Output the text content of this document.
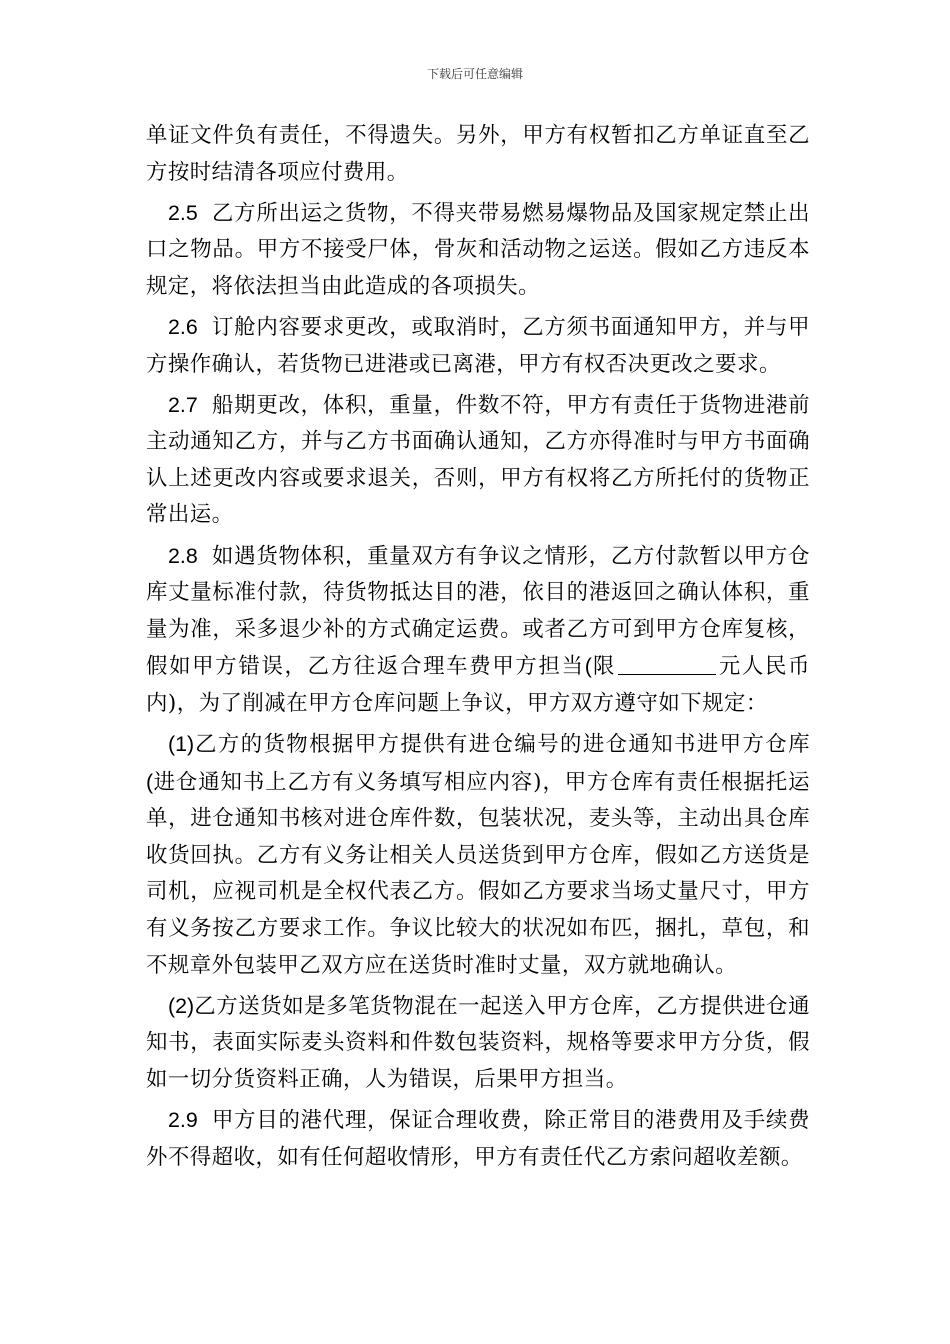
下载后可任意编辑

单证文件负有责任，不得遗失。另外，甲方有权暂扣乙方单证直至乙方按时结清各项应付费用。

2.5 乙方所出运之货物，不得夹带易燃易爆物品及国家规定禁止出口之物品。甲方不接受尸体，骨灰和活动物之运送。假如乙方违反本规定，将依法担当由此造成的各项损失。

2.6 订舱内容要求更改，或取消时，乙方须书面通知甲方，并与甲方操作确认，若货物已进港或已离港，甲方有权否决更改之要求。

2.7 船期更改，体积，重量，件数不符，甲方有责任于货物进港前主动通知乙方，并与乙方书面确认通知，乙方亦得准时与甲方书面确认上述更改内容或要求退关，否则，甲方有权将乙方所托付的货物正常出运。

2.8 如遇货物体积，重量双方有争议之情形，乙方付款暂以甲方仓库丈量标准付款，待货物抵达目的港，依目的港返回之确认体积，重量为准，采多退少补的方式确定运费。或者乙方可到甲方仓库复核，假如甲方错误，乙方往返合理车费甲方担当(限	元人民币内)，为了削减在甲方仓库问题上争议，甲方双方遵守如下规定：

(1)乙方的货物根据甲方提供有进仓编号的进仓通知书进甲方仓库(进仓通知书上乙方有义务填写相应内容)，甲方仓库有责任根据托运单，进仓通知书核对进仓库件数，包装状况，麦头等，主动出具仓库收货回执。乙方有义务让相关人员送货到甲方仓库，假如乙方送货是司机，应视司机是全权代表乙方。假如乙方要求当场丈量尺寸，甲方有义务按乙方要求工作。争议比较大的状况如布匹，捆扎，草包，和不规章外包装甲乙双方应在送货时准时丈量，双方就地确认。

(2)乙方送货如是多笔货物混在一起送入甲方仓库，乙方提供进仓通知书，表面实际麦头资料和件数包装资料，规格等要求甲方分货，假如一切分货资料正确，人为错误，后果甲方担当。

2.9 甲方目的港代理，保证合理收费，除正常目的港费用及手续费外不得超收，如有任何超收情形，甲方有责任代乙方索问超收差额。
